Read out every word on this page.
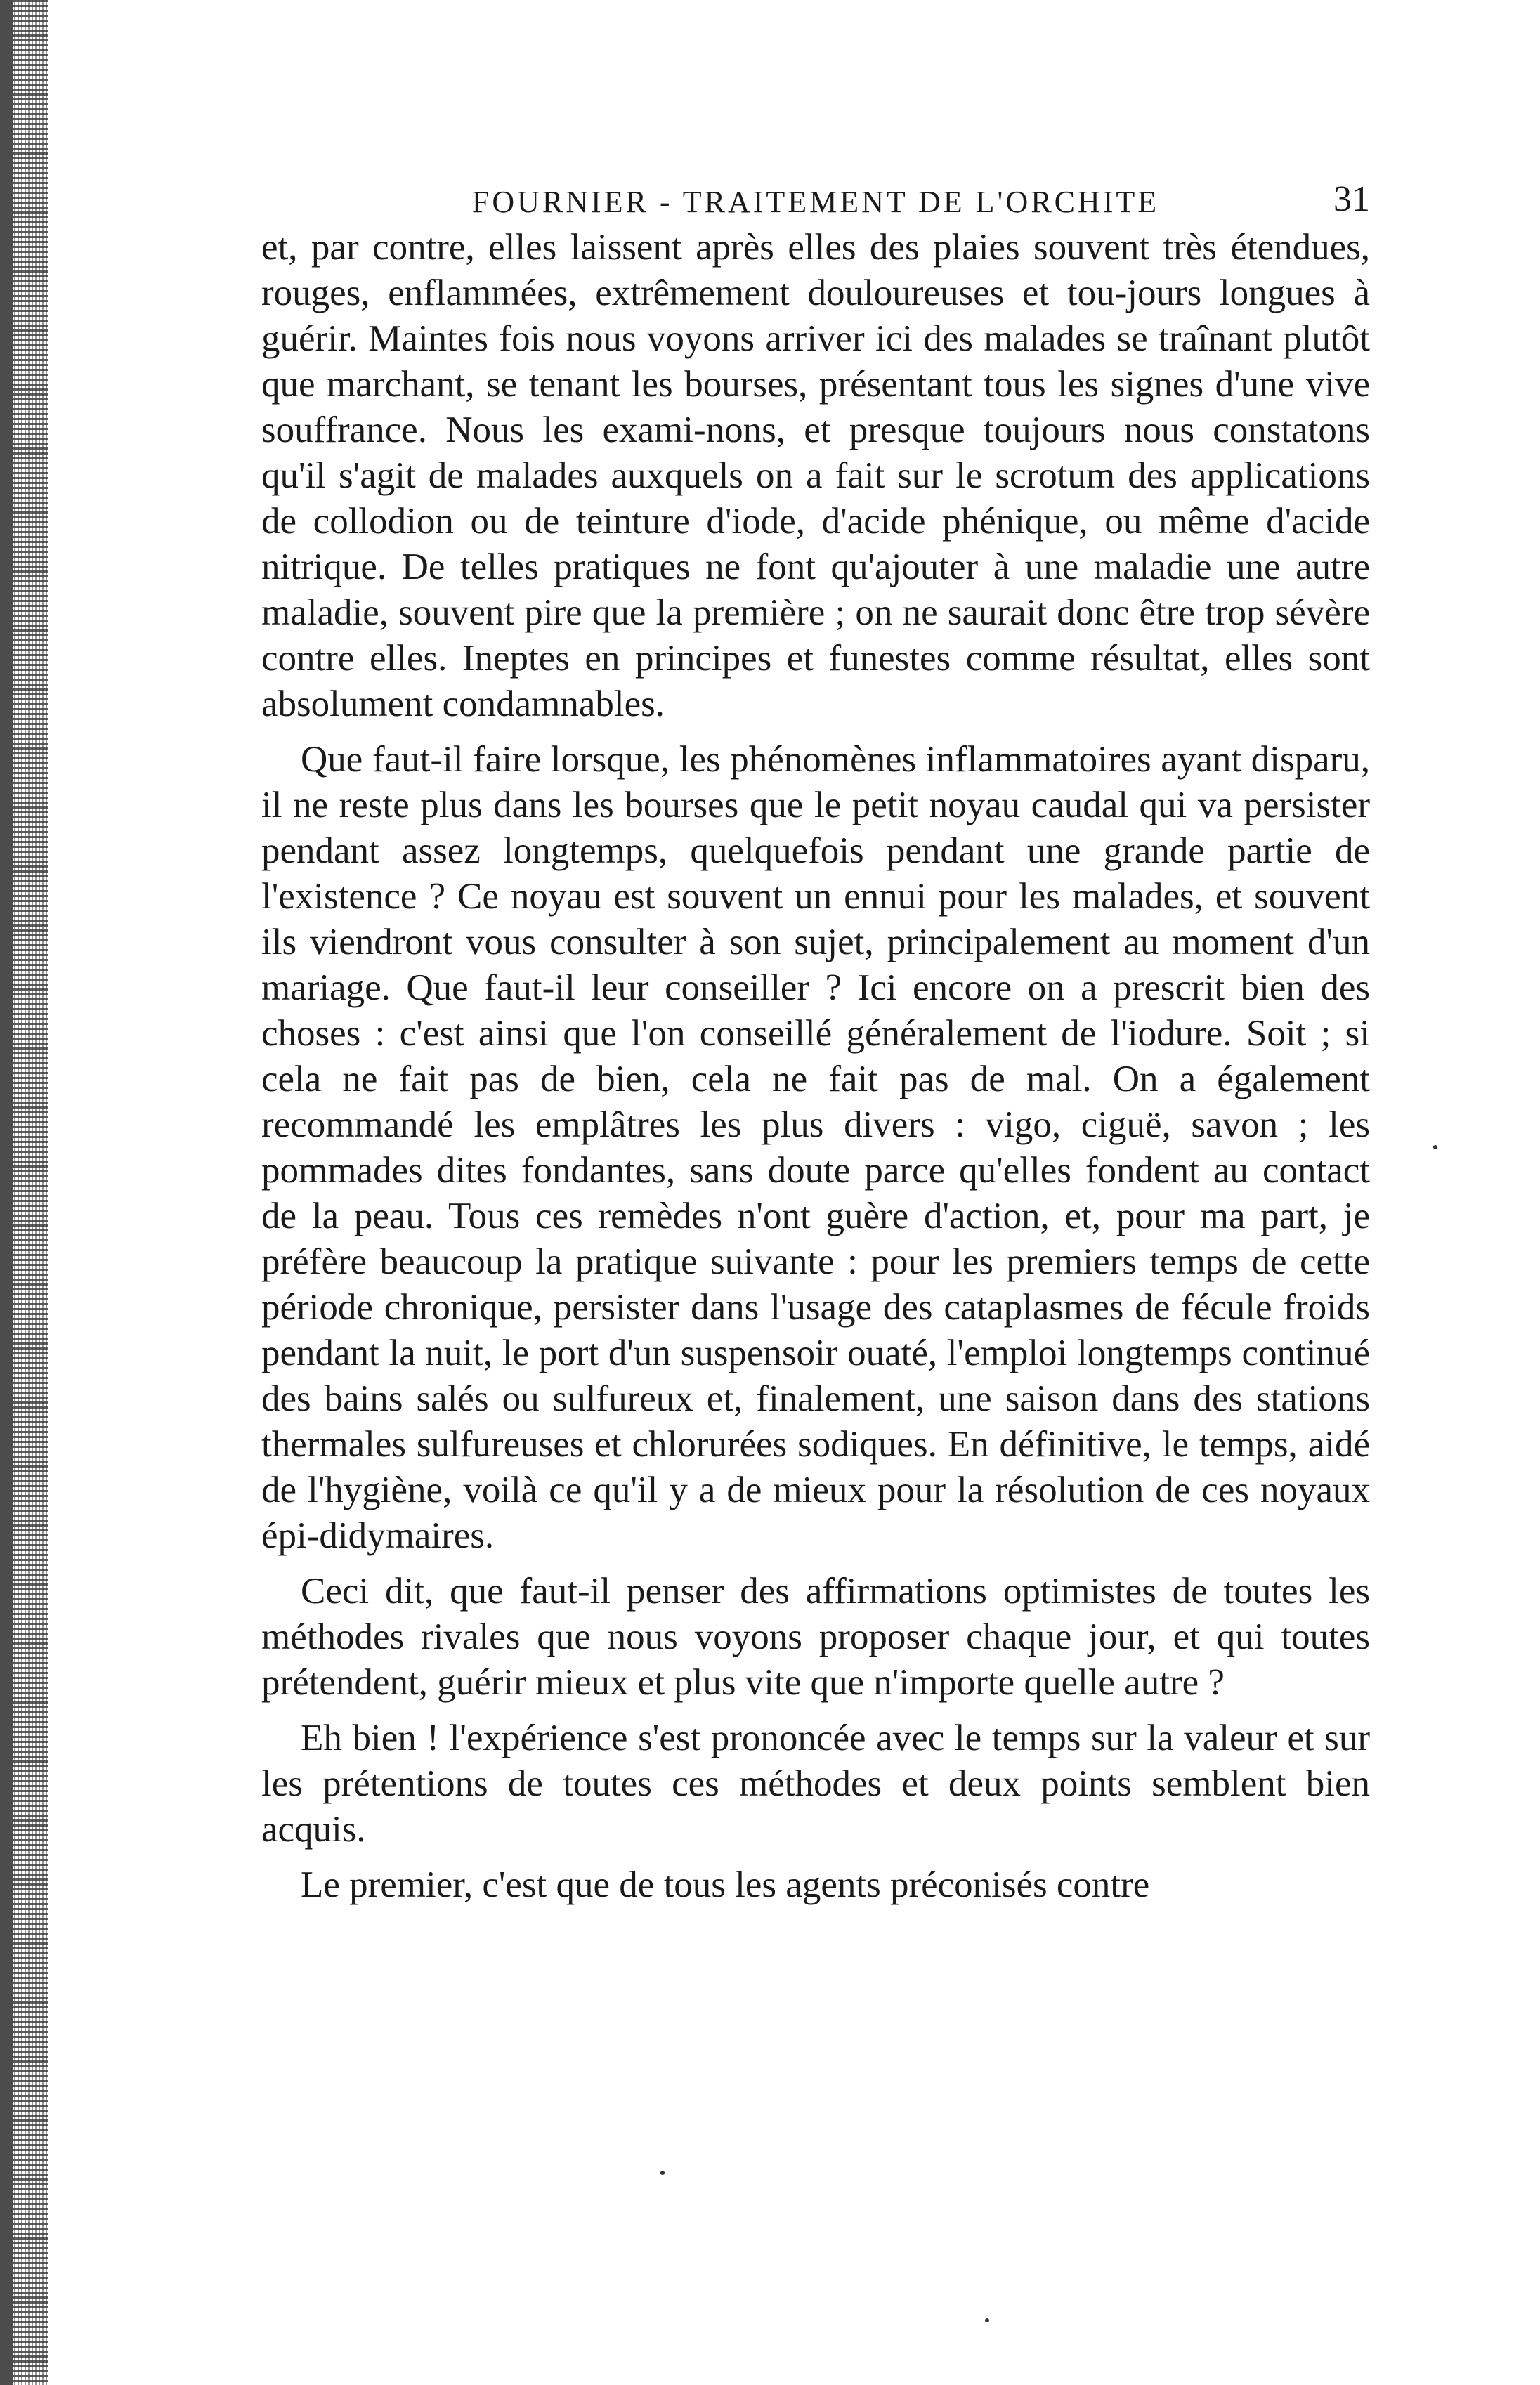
FOURNIER - TRAITEMENT DE L'ORCHITE	31

et, par contre, elles laissent après elles des plaies souvent très étendues, rouges, enflammées, extrêmement douloureuses et tou-jours longues à guérir. Maintes fois nous voyons arriver ici des malades se traînant plutôt que marchant, se tenant les bourses, présentant tous les signes d'une vive souffrance. Nous les exami-nons, et presque toujours nous constatons qu'il s'agit de malades auxquels on a fait sur le scrotum des applications de collodion ou de teinture d'iode, d'acide phénique, ou même d'acide nitrique. De telles pratiques ne font qu'ajouter à une maladie une autre maladie, souvent pire que la première ; on ne saurait donc être trop sévère contre elles. Ineptes en principes et funestes comme résultat, elles sont absolument condamnables.

Que faut-il faire lorsque, les phénomènes inflammatoires ayant disparu, il ne reste plus dans les bourses que le petit noyau caudal qui va persister pendant assez longtemps, quelquefois pendant une grande partie de l'existence ? Ce noyau est souvent un ennui pour les malades, et souvent ils viendront vous consulter à son sujet, principalement au moment d'un mariage. Que faut-il leur conseiller ? Ici encore on a prescrit bien des choses : c'est ainsi que l'on conseillé généralement de l'iodure. Soit ; si cela ne fait pas de bien, cela ne fait pas de mal. On a également recommandé les emplâtres les plus divers : vigo, ciguë, savon ; les pommades dites fondantes, sans doute parce qu'elles fondent au contact de la peau. Tous ces remèdes n'ont guère d'action, et, pour ma part, je préfère beaucoup la pratique suivante : pour les premiers temps de cette période chronique, persister dans l'usage des cataplasmes de fécule froids pendant la nuit, le port d'un suspensoir ouaté, l'emploi longtemps continué des bains salés ou sulfureux et, finalement, une saison dans des stations thermales sulfureuses et chlorurées sodiques. En définitive, le temps, aidé de l'hygiène, voilà ce qu'il y a de mieux pour la résolution de ces noyaux épi-didymaires.

Ceci dit, que faut-il penser des affirmations optimistes de toutes les méthodes rivales que nous voyons proposer chaque jour, et qui toutes prétendent, guérir mieux et plus vite que n'importe quelle autre ?

Eh bien ! l'expérience s'est prononcée avec le temps sur la valeur et sur les prétentions de toutes ces méthodes et deux points semblent bien acquis.

Le premier, c'est que de tous les agents préconisés contre
